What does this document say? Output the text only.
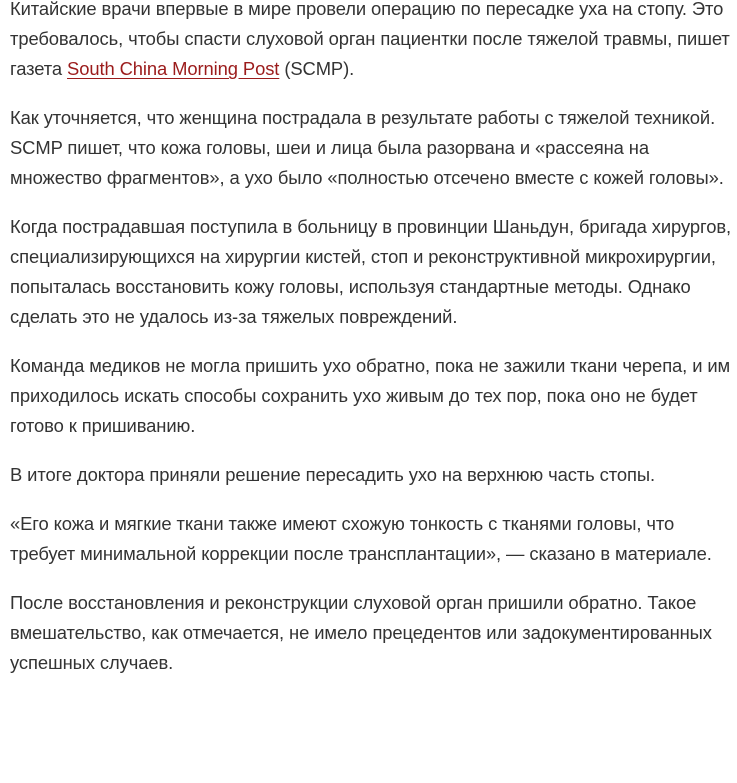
Китайские врачи впервые в мире провели операцию по пересадке уха на стопу. Это требовалось, чтобы спасти слуховой орган пациентки после тяжелой травмы, пишет газета South China Morning Post (SCMP).

Как уточняется, что женщина пострадала в результате работы с тяжелой техникой. SCMP пишет, что кожа головы, шеи и лица была разорвана и «рассеяна на множество фрагментов», а ухо было «полностью отсечено вместе с кожей головы».

Когда пострадавшая поступила в больницу в провинции Шаньдун, бригада хирургов, специализирующихся на хирургии кистей, стоп и реконструктивной микрохирургии, попыталась восстановить кожу головы, используя стандартные методы. Однако сделать это не удалось из-за тяжелых повреждений.

Команда медиков не могла пришить ухо обратно, пока не зажили ткани черепа, и им приходилось искать способы сохранить ухо живым до тех пор, пока оно не будет готово к пришиванию.

В итоге доктора приняли решение пересадить ухо на верхнюю часть стопы.

«Его кожа и мягкие ткани также имеют схожую тонкость с тканями головы, что требует минимальной коррекции после трансплантации», — сказано в материале.

После восстановления и реконструкции слуховой орган пришили обратно. Такое вмешательство, как отмечается, не имело прецедентов или задокументированных успешных случаев.
